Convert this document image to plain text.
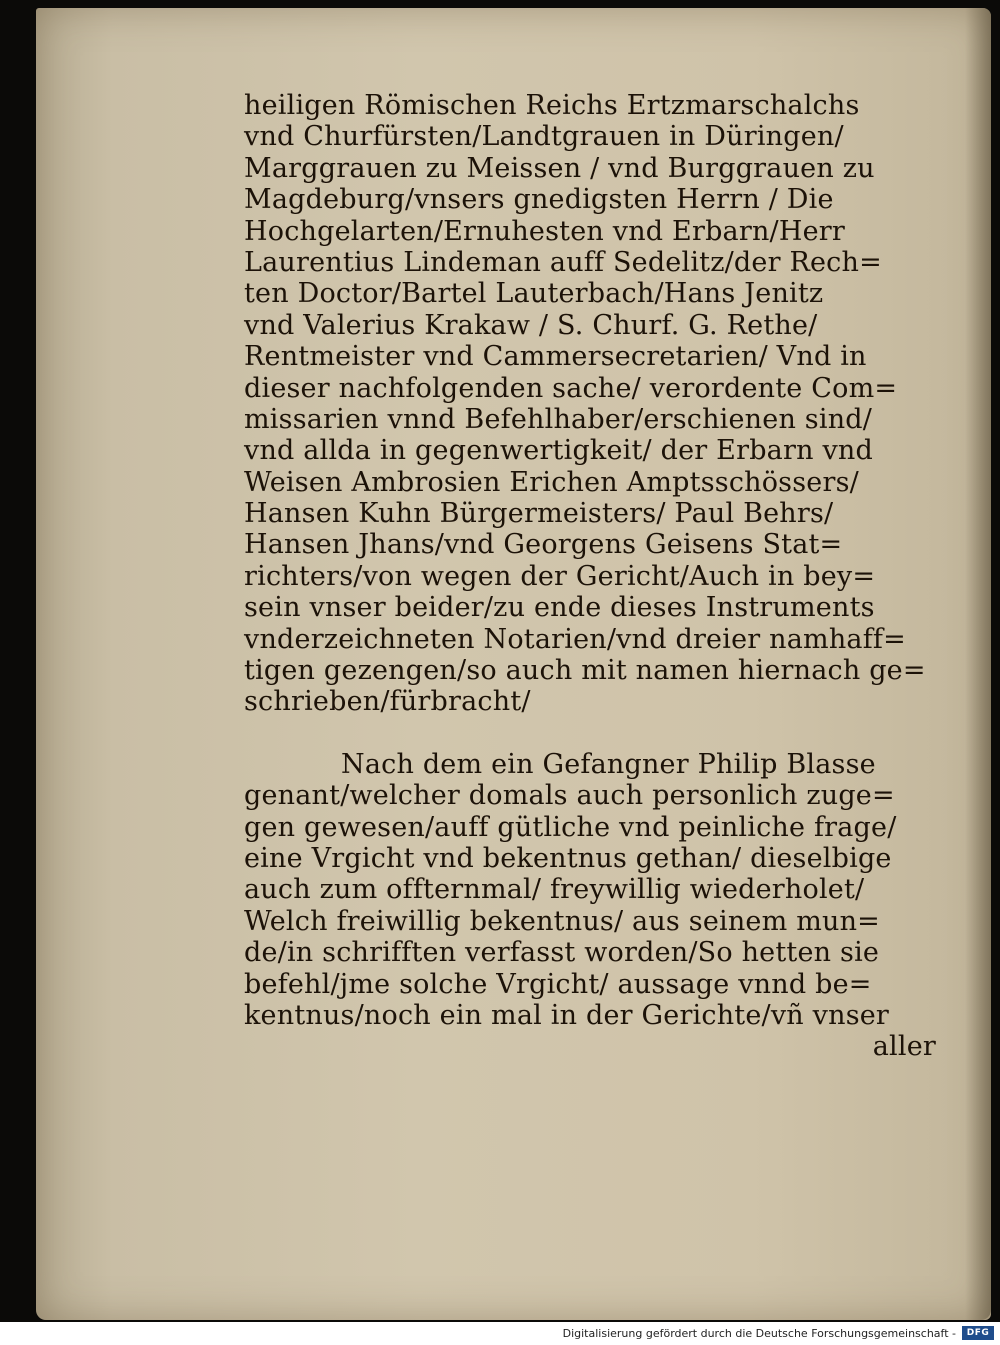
heiligen Römischen Reichs Ertzmarschalchs
vnd Churfürsten/Landtgrauen in Düringen/
Marggrauen zu Meissen / vnd Burggrauen zu
Magdeburg/vnsers gnedigsten Herrn / Die
Hochgelarten/Ernuhesten vnd Erbarn/Herr
Laurentius Lindeman auff Sedelitz/der Rech=
ten Doctor/Bartel Lauterbach/Hans Jenitz
vnd Valerius Krakaw / S. Churf. G. Rethe/
Rentmeister vnd Cammersecretarien/ Vnd in
dieser nachfolgenden sache/ verordente Com=
missarien vnnd Befehlhaber/erschienen sind/
vnd allda in gegenwertigkeit/ der Erbarn vnd
Weisen Ambrosien Erichen Amptsschössers/
Hansen Kuhn Bürgermeisters/ Paul Behrs/
Hansen Jhans/vnd Georgens Geisens Stat=
richters/von wegen der Gericht/Auch in bey=
sein vnser beider/zu ende dieses Instruments
vnderzeichneten Notarien/vnd dreier namhaff=
tigen gezengen/so auch mit namen hiernach ge=
schrieben/fürbracht/
Nach dem ein Gefangner Philip Blasse
genant/welcher domals auch personlich zuge=
gen gewesen/auff gütliche vnd peinliche frage/
eine Vrgicht vnd bekentnus gethan/ dieselbige
auch zum offternmal/ freywillig wiederholet/
Welch freiwillig bekentnus/ aus seinem mun=
de/in schrifften verfasst worden/So hetten sie
befehl/jme solche Vrgicht/ aussage vnnd be=
kentnus/noch ein mal in der Gerichte/vñ vnser
aller
Digitalisierung gefördert durch die Deutsche Forschungsgemeinschaft -	DFG
